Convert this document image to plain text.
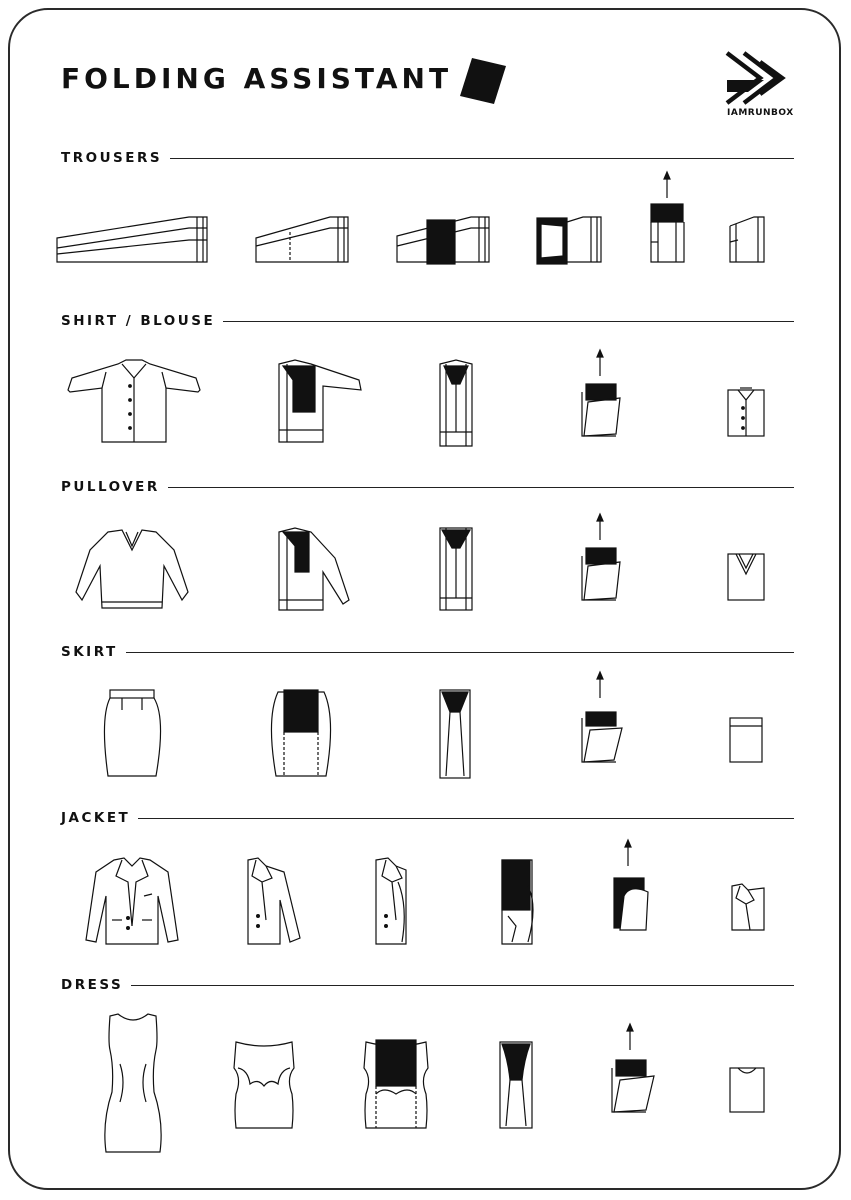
FOLDING ASSISTANT
IAMRUNBOX
TROUSERS
SHIRT / BLOUSE
PULLOVER
SKIRT
JACKET
DRESS
